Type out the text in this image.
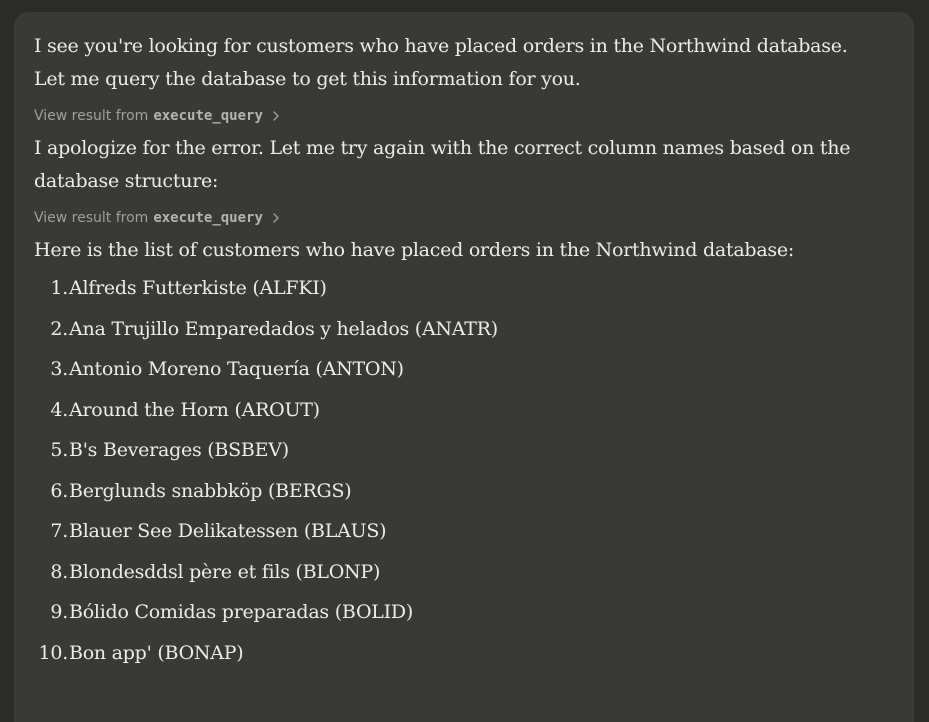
I see you're looking for customers who have placed orders in the Northwind database. Let me query the database to get this information for you.

View result from execute_query

I apologize for the error. Let me try again with the correct column names based on the database structure:

View result from execute_query

Here is the list of customers who have placed orders in the Northwind database:

1. Alfreds Futterkiste (ALFKI)
2. Ana Trujillo Emparedados y helados (ANATR)
3. Antonio Moreno Taquería (ANTON)
4. Around the Horn (AROUT)
5. B's Beverages (BSBEV)
6. Berglunds snabbköp (BERGS)
7. Blauer See Delikatessen (BLAUS)
8. Blondesddsl père et fils (BLONP)
9. Bólido Comidas preparadas (BOLID)
10. Bon app' (BONAP)
